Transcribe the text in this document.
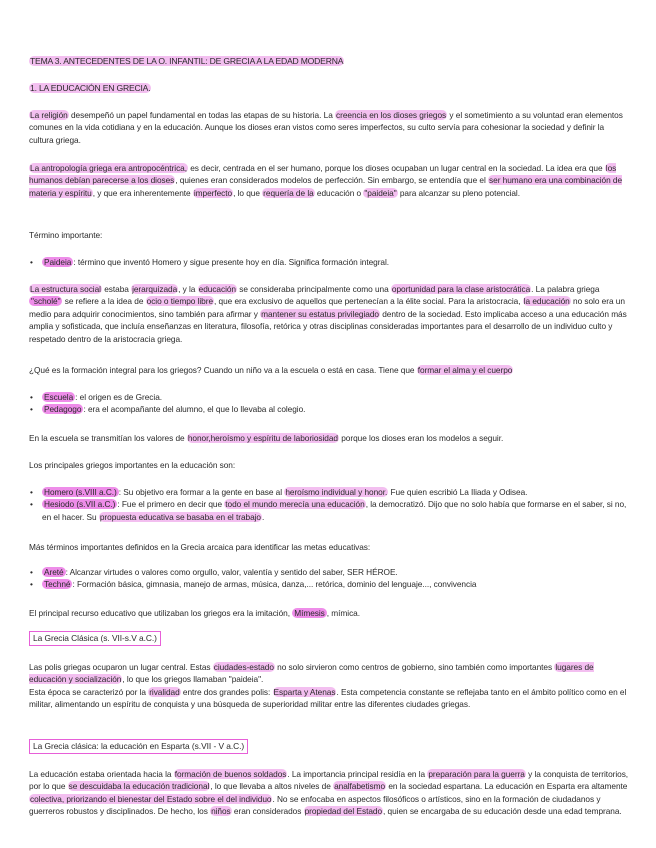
TEMA 3. ANTECEDENTES DE LA O. INFANTIL: DE GRECIA A LA EDAD MODERNA
1. LA EDUCACIÓN EN GRECIA.
La religión desempeñó un papel fundamental en todas las etapas de su historia. La creencia en los dioses griegos y el sometimiento a su voluntad eran elementos comunes en la vida cotidiana y en la educación. Aunque los dioses eran vistos como seres imperfectos, su culto servía para cohesionar la sociedad y definir la cultura griega.
La antropología griega era antropocéntrica, es decir, centrada en el ser humano, porque los dioses ocupaban un lugar central en la sociedad. La idea era que los humanos debían parecerse a los dioses, quienes eran considerados modelos de perfección. Sin embargo, se entendía que el ser humano era una combinación de materia y espíritu, y que era inherentemente imperfecto, lo que requería de la educación o "paideia" para alcanzar su pleno potencial.
Término importante:
• Paideia : término que inventó Homero y sigue presente hoy en día. Significa formación integral.
La estructura social estaba jerarquizada, y la educación se consideraba principalmente como una oportunidad para la clase aristocrática. La palabra griega "scholé" se refiere a la idea de ocio o tiempo libre, que era exclusivo de aquellos que pertenecían a la élite social. Para la aristocracia, la educación no solo era un medio para adquirir conocimientos, sino también para afirmar y mantener su estatus privilegiado dentro de la sociedad. Esto implicaba acceso a una educación más amplia y sofisticada, que incluía enseñanzas en literatura, filosofía, retórica y otras disciplinas consideradas importantes para el desarrollo de un individuo culto y respetado dentro de la aristocracia griega.
¿Qué es la formación integral para los griegos? Cuando un niño va a la escuela o está en casa. Tiene que formar el alma y el cuerpo
• Escuela : el origen es de Grecia.
• Pedagogo : era el acompañante del alumno, el que lo llevaba al colegio.
En la escuela se transmitían los valores de honor,heroísmo y espíritu de laboriosidad porque los dioses eran los modelos a seguir.
Los principales griegos importantes en la educación son:
• Homero (s.VIII a.C.) : Su objetivo era formar a la gente en base al heroísmo individual y honor. Fue quien escribió La Iliada y Odisea.
• Hesiodo (s.VII a.C.) : Fue el primero en decir que todo el mundo merecía una educación, la democratizó. Dijo que no solo había que formarse en el saber, si no, en el hacer. Su propuesta educativa se basaba en el trabajo.
Más términos importantes definidos en la Grecia arcaica para identificar las metas educativas:
• Areté : Alcanzar virtudes o valores como orgullo, valor, valentía y sentido del saber, SER HÉROE.
• Techné : Formación básica, gimnasia, manejo de armas, música, danza,... retórica, dominio del lenguaje..., convivencia
El principal recurso educativo que utilizaban los griegos era la imitación, Mímesis , mímica.
La Grecia Clásica (s. VII-s.V a.C.)
Las polis griegas ocuparon un lugar central. Estas ciudades-estado no solo sirvieron como centros de gobierno, sino también como importantes lugares de educación y socialización, lo que los griegos llamaban "paideia".
Esta época se caracterizó por la rivalidad entre dos grandes polis: Esparta y Atenas. Esta competencia constante se reflejaba tanto en el ámbito político como en el militar, alimentando un espíritu de conquista y una búsqueda de superioridad militar entre las diferentes ciudades griegas.
La Grecia clásica: la educación en Esparta (s.VII - V a.C.)
La educación estaba orientada hacia la formación de buenos soldados. La importancia principal residía en la preparación para la guerra y la conquista de territorios, por lo que se descuidaba la educación tradicional, lo que llevaba a altos niveles de analfabetismo en la sociedad espartana. La educación en Esparta era altamente colectiva, priorizando el bienestar del Estado sobre el del individuo. No se enfocaba en aspectos filosóficos o artísticos, sino en la formación de ciudadanos y guerreros robustos y disciplinados. De hecho, los niños eran considerados propiedad del Estado, quien se encargaba de su educación desde una edad temprana.
